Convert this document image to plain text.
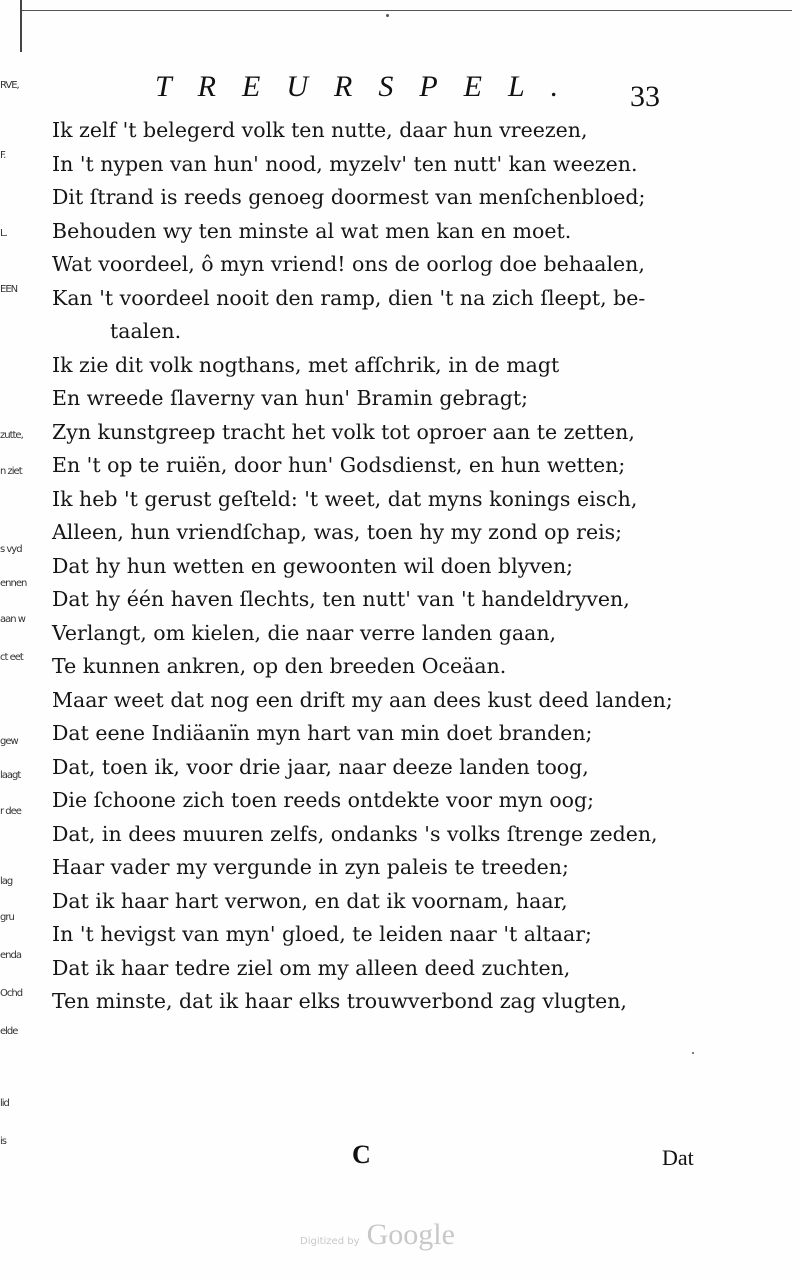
RVE,
F.
L.
EEN
zutte,
n ziet
s vyd
ennen
aan w
ct eet
gew
laagt
r dee
lag
gru
enda
Ochd
elde
lid
is
TREURSPEL. 33
Ik zelf 't belegerd volk ten nutte, daar hun vreezen,
In 't nypen van hun' nood, myzelv' ten nutt' kan weezen.
Dit ſtrand is reeds genoeg doormest van menſchenbloed;
Behouden wy ten minste al wat men kan en moet.
Wat voordeel, ô myn vriend! ons de oorlog doe behaalen,
Kan 't voordeel nooit den ramp, dien 't na zich ſleept, be-
taalen.
Ik zie dit volk nogthans, met afſchrik, in de magt
En wreede ſlaverny van hun' Bramin gebragt;
Zyn kunstgreep tracht het volk tot oproer aan te zetten,
En 't op te ruiën, door hun' Godsdienst, en hun wetten;
Ik heb 't gerust geſteld: 't weet, dat myns konings eisch,
Alleen, hun vriendſchap, was, toen hy my zond op reis;
Dat hy hun wetten en gewoonten wil doen blyven;
Dat hy één haven ſlechts, ten nutt' van 't handeldryven,
Verlangt, om kielen, die naar verre landen gaan,
Te kunnen ankren, op den breeden Oceäan.
Maar weet dat nog een drift my aan dees kust deed landen;
Dat eene Indiäanïn myn hart van min doet branden;
Dat, toen ik, voor drie jaar, naar deeze landen toog,
Die ſchoone zich toen reeds ontdekte voor myn oog;
Dat, in dees muuren zelfs, ondanks 's volks ſtrenge zeden,
Haar vader my vergunde in zyn paleis te treeden;
Dat ik haar hart verwon, en dat ik voornam, haar,
In 't hevigst van myn' gloed, te leiden naar 't altaar;
Dat ik haar tedre ziel om my alleen deed zuchten,
Ten minste, dat ik haar elks trouwverbond zag vlugten,
C	Dat
Digitized by Google
